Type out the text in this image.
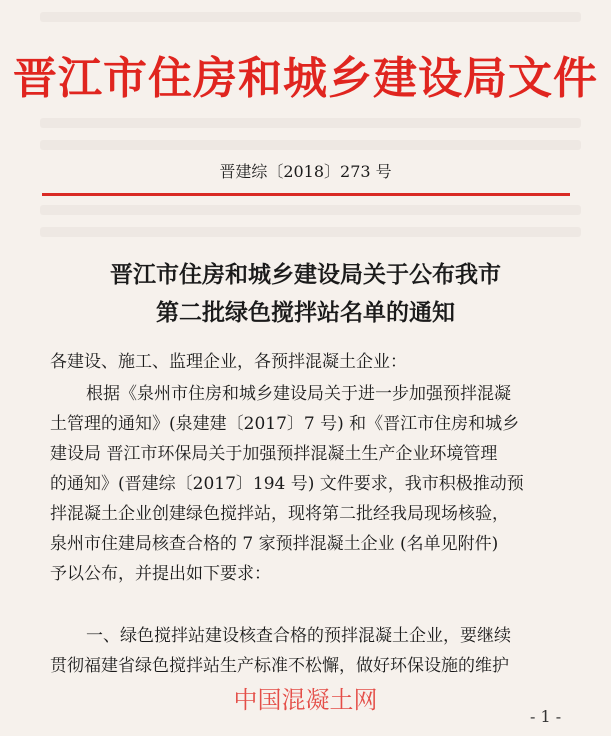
晋江市住房和城乡建设局文件
晋建综〔2018〕273 号
晋江市住房和城乡建设局关于公布我市
第二批绿色搅拌站名单的通知
各建设、施工、监理企业，各预拌混凝土企业：
根据《泉州市住房和城乡建设局关于进一步加强预拌混凝
土管理的通知》(泉建建〔2017〕7 号) 和《晋江市住房和城乡
建设局 晋江市环保局关于加强预拌混凝土生产企业环境管理
的通知》(晋建综〔2017〕194 号) 文件要求，我市积极推动预
拌混凝土企业创建绿色搅拌站，现将第二批经我局现场核验，
泉州市住建局核查合格的 7 家预拌混凝土企业 (名单见附件)
予以公布，并提出如下要求：
一、绿色搅拌站建设核查合格的预拌混凝土企业，要继续
贯彻福建省绿色搅拌站生产标准不松懈，做好环保设施的维护
中国混凝土网
- 1 -
